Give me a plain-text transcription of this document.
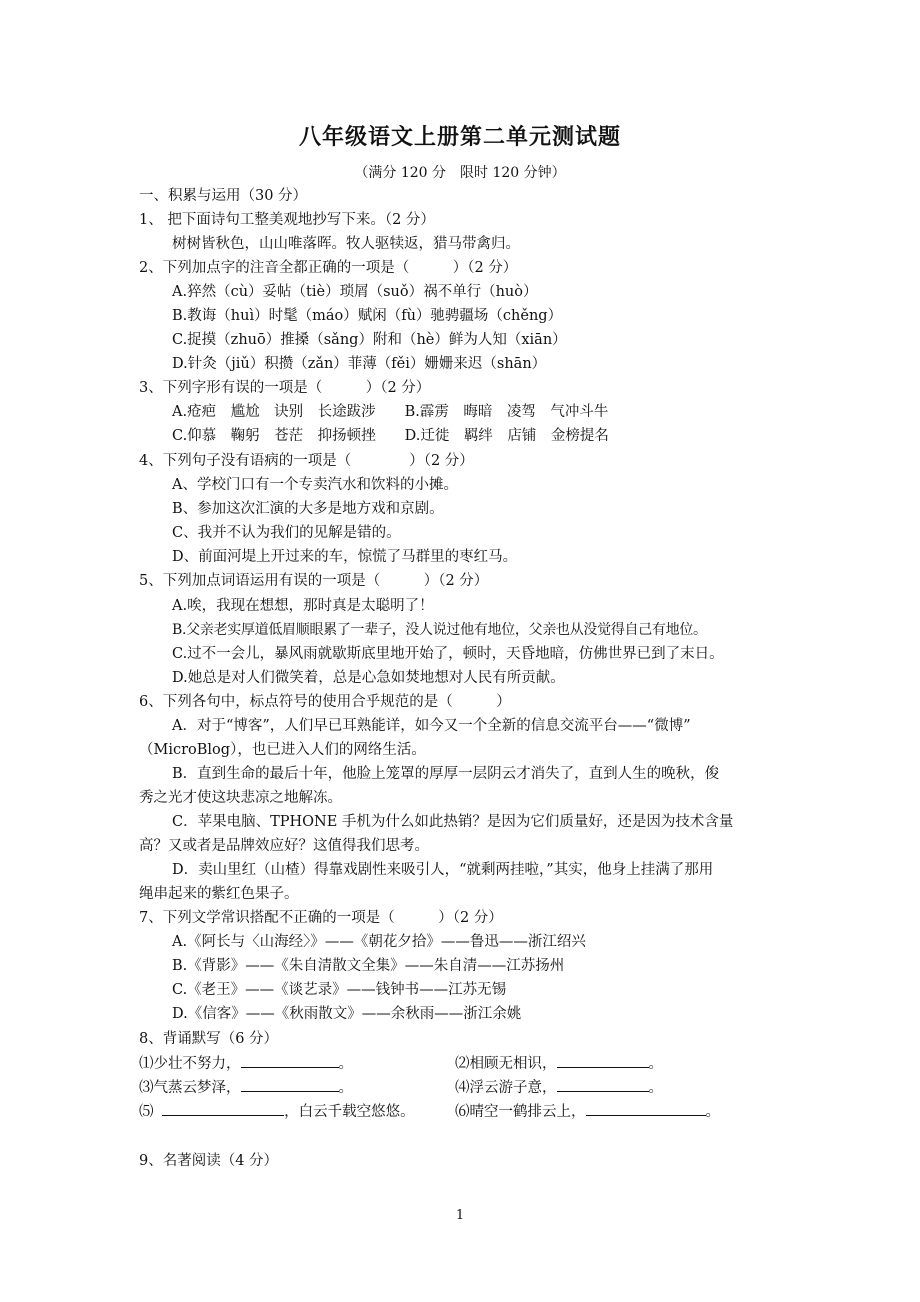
八年级语文上册第二单元测试题
（满分 120 分　限时 120 分钟）
一、积累与运用（30 分）
1、 把下面诗句工整美观地抄写下来。（2 分）
树树皆秋色，山山唯落晖。牧人驱犊返，猎马带禽归。
2、下列加点字的注音全都正确的一项是（　　　）（2 分）
A.猝然（cù）妥帖（tiè）琐屑（suǒ）祸不单行（huò）
B.教诲（huì）时髦（máo）赋闲（fù）驰骋疆场（chěng）
C.捉摸（zhuō）推搡（sǎng）附和（hè）鲜为人知（xiān）
D.针灸（jiǔ）积攒（zǎn）菲薄（fěi）姗姗来迟（shān）
3、下列字形有误的一项是（　　　）（2 分）
A.疮疤　尴尬　诀别　长途跋涉　　B.霹雳　晦暗　凌驾　气冲斗牛
C.仰慕　鞠躬　苍茫　抑扬顿挫　　D.迁徙　羁绊　店铺　金榜提名
4、下列句子没有语病的一项是（　　　　）（2 分）
A、学校门口有一个专卖汽水和饮料的小摊。
B、参加这次汇演的大多是地方戏和京剧。
C、我并不认为我们的见解是错的。
D、前面河堤上开过来的车，惊慌了马群里的枣红马。
5、下列加点词语运用有误的一项是（　　　）（2 分）
A.唉，我现在想想，那时真是太聪明了！
B.父亲老实厚道低眉顺眼累了一辈子，没人说过他有地位，父亲也从没觉得自己有地位。
C.过不一会儿，暴风雨就歇斯底里地开始了，顿时，天昏地暗，仿佛世界已到了末日。
D.她总是对人们微笑着，总是心急如焚地想对人民有所贡献。
6、下列各句中，标点符号的使用合乎规范的是（　　　）
A．对于“博客”，人们早已耳熟能详，如今又一个全新的信息交流平台——“微博”
（MicroBlog），也已进入人们的网络生活。
B．直到生命的最后十年，他脸上笼罩的厚厚一层阴云才消失了，直到人生的晚秋，俊
秀之光才使这块悲凉之地解冻。
C．苹果电脑、TPHONE 手机为什么如此热销？是因为它们质量好，还是因为技术含量
高？又或者是品牌效应好？这值得我们思考。
D．卖山里红（山楂）得靠戏剧性来吸引人，“就剩两挂啦，”其实，他身上挂满了那用
绳串起来的紫红色果子。
7、下列文学常识搭配不正确的一项是（　　　）（2 分）
A.《阿长与〈山海经〉》——《朝花夕拾》——鲁迅——浙江绍兴
B.《背影》——《朱自清散文全集》——朱自清——江苏扬州
C.《老王》——《谈艺录》——钱钟书——江苏无锡
D.《信客》——《秋雨散文》——余秋雨——浙江余姚
8、背诵默写（6 分）
⑴少壮不努力，	。	⑵相顾无相识，	。
⑶气蒸云梦泽，	。	⑷浮云游子意，	。
⑸	，白云千载空悠悠。	⑹晴空一鹤排云上，	。
9、名著阅读（4 分）
1
